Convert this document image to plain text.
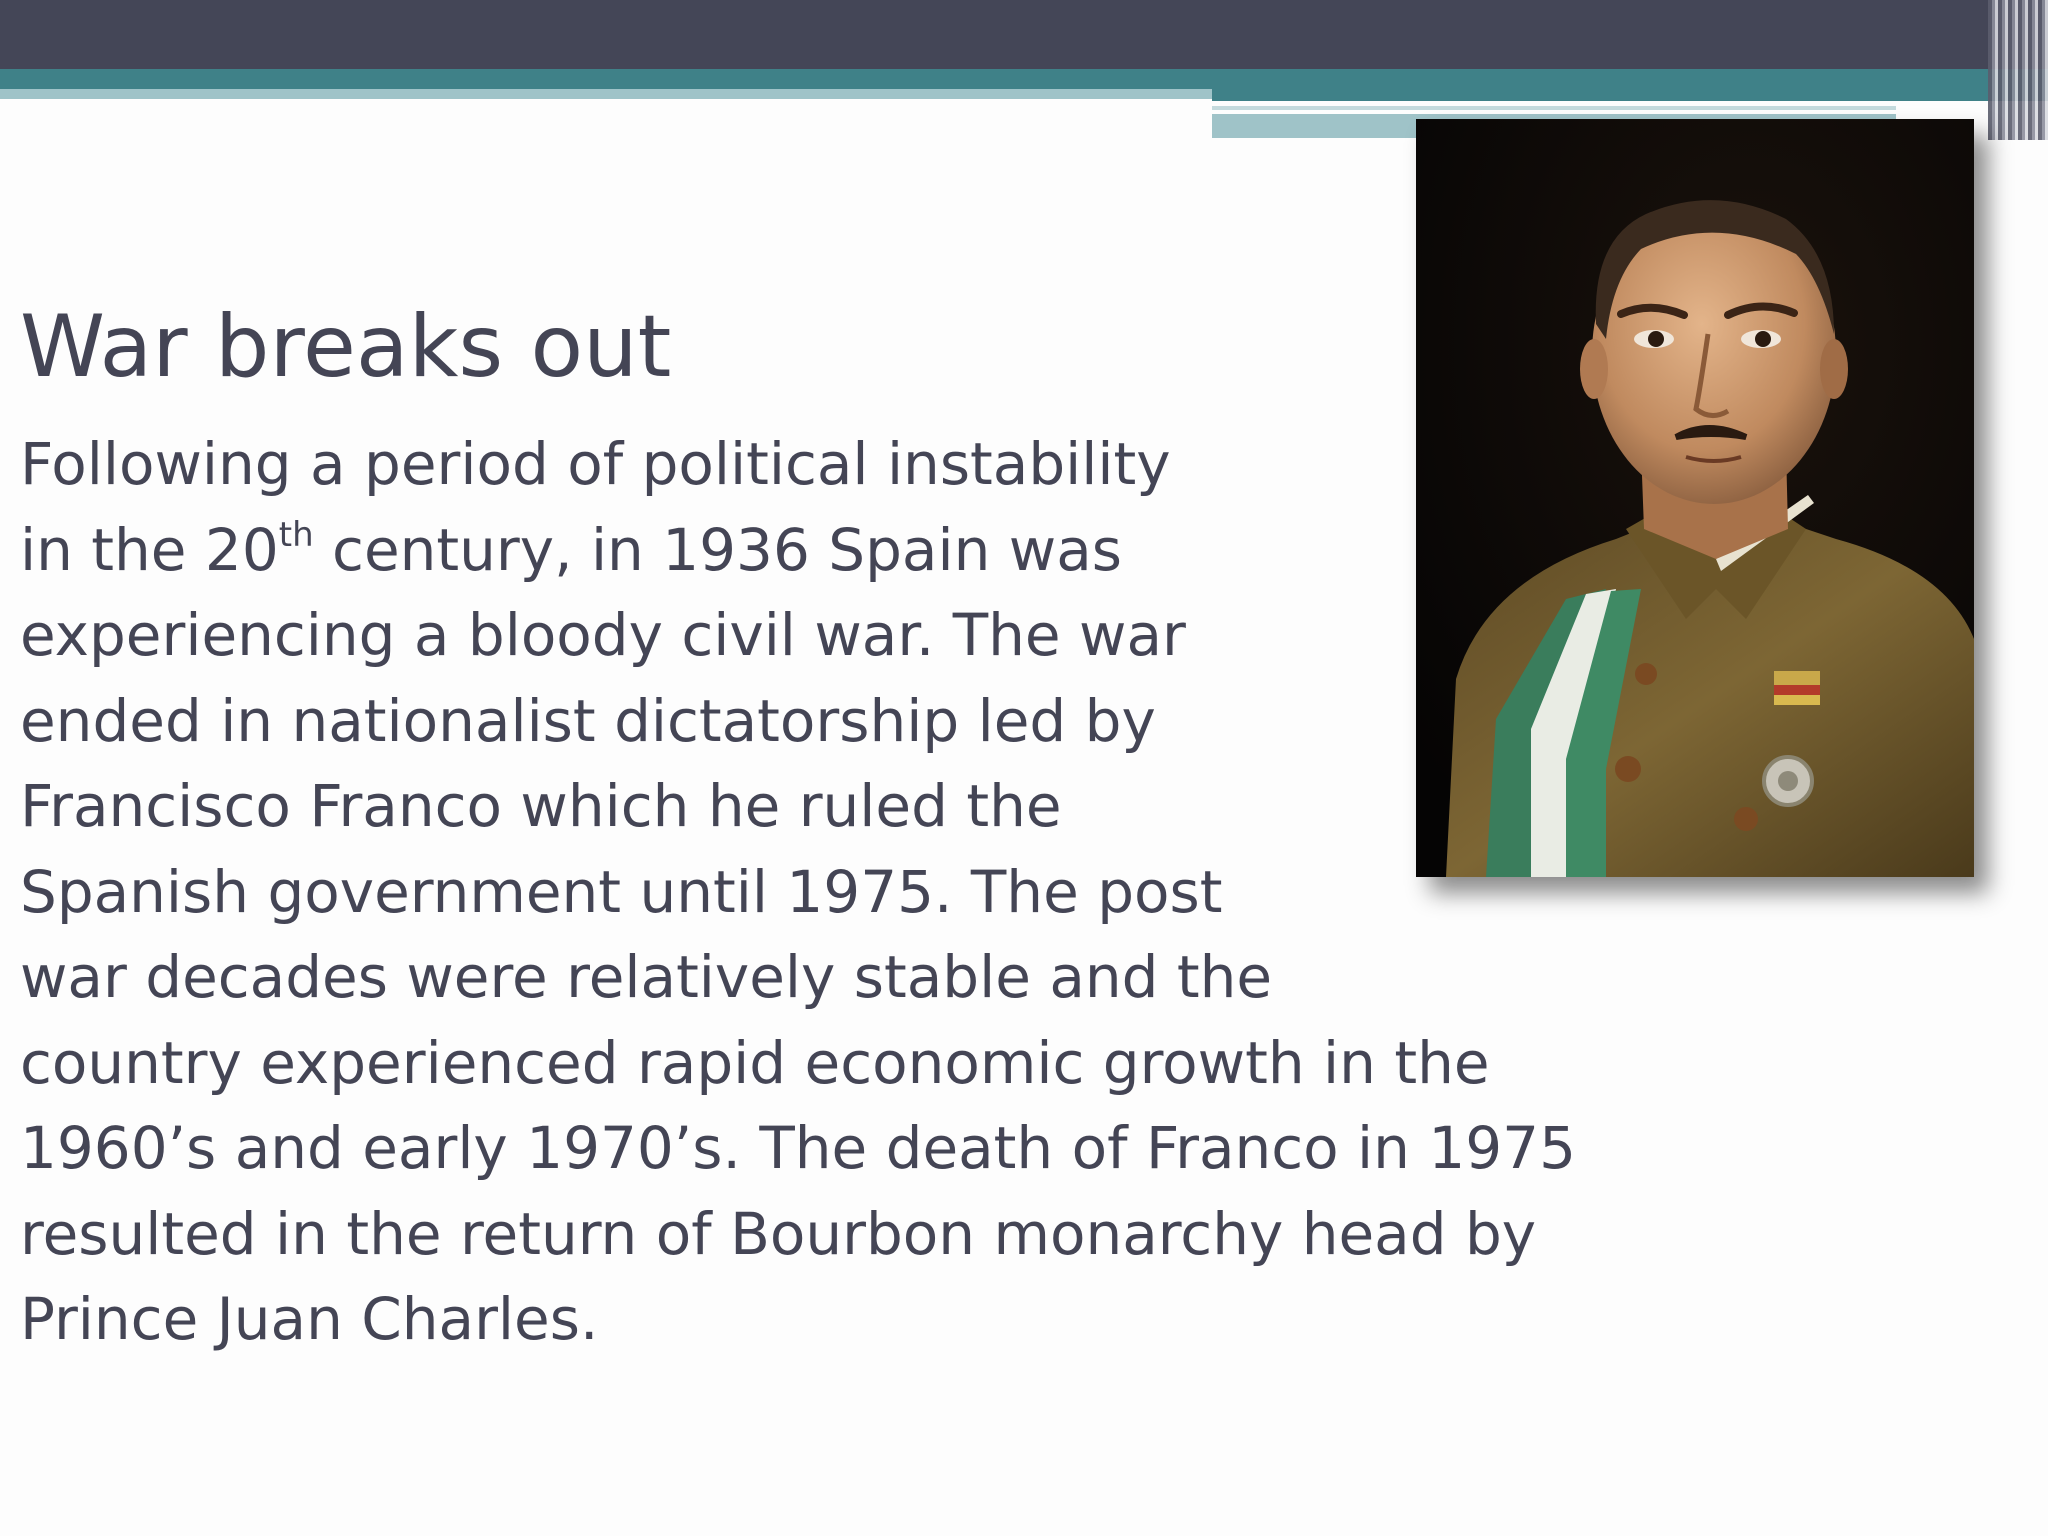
War breaks out
Following a period of political instability
in the 20th century, in 1936 Spain was
experiencing a bloody civil war. The war
ended in nationalist dictatorship led by
Francisco Franco which he ruled the
Spanish government until 1975. The post
war decades were relatively stable and the
country experienced rapid economic growth in the
1960’s and early 1970’s. The death of Franco in 1975
resulted in the return of Bourbon monarchy head by
Prince Juan Charles.
